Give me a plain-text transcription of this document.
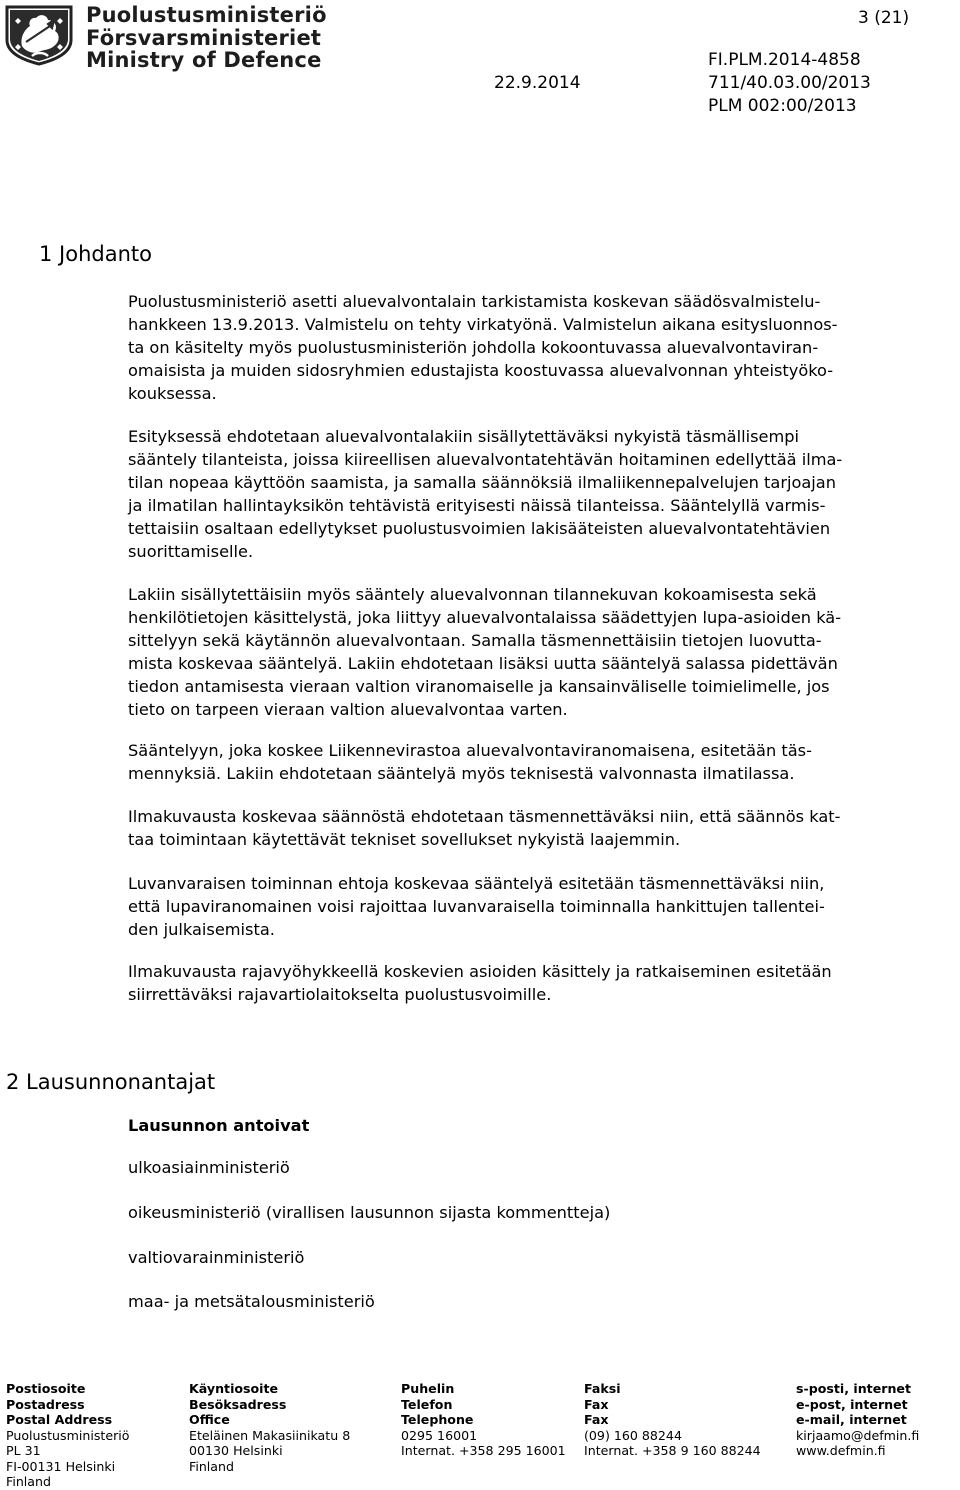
Puolustusministeriö
Försvarsministeriet
Ministry of Defence
3 (21)
FI.PLM.2014-4858
22.9.2014	711/40.03.00/2013
PLM 002:00/2013
1 Johdanto
Puolustusministeriö asetti aluevalvontalain tarkistamista koskevan säädösvalmistelu-
hankkeen 13.9.2013. Valmistelu on tehty virkatyönä. Valmistelun aikana esitysluonnos-
ta on käsitelty myös puolustusministeriön johdolla kokoontuvassa aluevalvontaviran-
omaisista ja muiden sidosryhmien edustajista koostuvassa aluevalvonnan yhteistyöko-
kouksessa.
Esityksessä ehdotetaan aluevalvontalakiin sisällytettäväksi nykyistä täsmällisempi
sääntely tilanteista, joissa kiireellisen aluevalvontatehtävän hoitaminen edellyttää ilma-
tilan nopeaa käyttöön saamista, ja samalla säännöksiä ilmaliikennepalvelujen tarjoajan
ja ilmatilan hallintayksikön tehtävistä erityisesti näissä tilanteissa. Sääntelyllä varmis-
tettaisiin osaltaan edellytykset puolustusvoimien lakisääteisten aluevalvontatehtävien
suorittamiselle.
Lakiin sisällytettäisiin myös sääntely aluevalvonnan tilannekuvan kokoamisesta sekä
henkilötietojen käsittelystä, joka liittyy aluevalvontalaissa säädettyjen lupa-asioiden kä-
sittelyyn sekä käytännön aluevalvontaan. Samalla täsmennettäisiin tietojen luovutta-
mista koskevaa sääntelyä. Lakiin ehdotetaan lisäksi uutta sääntelyä salassa pidettävän
tiedon antamisesta vieraan valtion viranomaiselle ja kansainväliselle toimielimelle, jos
tieto on tarpeen vieraan valtion aluevalvontaa varten.
Sääntelyyn, joka koskee Liikennevirastoa aluevalvontaviranomaisena, esitetään täs-
mennyksiä. Lakiin ehdotetaan sääntelyä myös teknisestä valvonnasta ilmatilassa.
Ilmakuvausta koskevaa säännöstä ehdotetaan täsmennettäväksi niin, että säännös kat-
taa toimintaan käytettävät tekniset sovellukset nykyistä laajemmin.
Luvanvaraisen toiminnan ehtoja koskevaa sääntelyä esitetään täsmennettäväksi niin,
että lupaviranomainen voisi rajoittaa luvanvaraisella toiminnalla hankittujen tallentei-
den julkaisemista.
Ilmakuvausta rajavyöhykkeellä koskevien asioiden käsittely ja ratkaiseminen esitetään
siirrettäväksi rajavartiolaitokselta puolustusvoimille.
2 Lausunnonantajat
Lausunnon antoivat
ulkoasiainministeriö
oikeusministeriö (virallisen lausunnon sijasta kommentteja)
valtiovarainministeriö
maa- ja metsätalousministeriö
Postiosoite
Postadress
Postal Address
Puolustusministeriö
PL 31
FI-00131 Helsinki
Finland
Käyntiosoite
Besöksadress
Office
Eteläinen Makasiinikatu 8
00130 Helsinki
Finland
Puhelin
Telefon
Telephone
0295 16001
Internat. +358 295 16001
Faksi
Fax
Fax
(09) 160 88244
Internat. +358 9 160 88244
s-posti, internet
e-post, internet
e-mail, internet
kirjaamo@defmin.fi
www.defmin.fi
